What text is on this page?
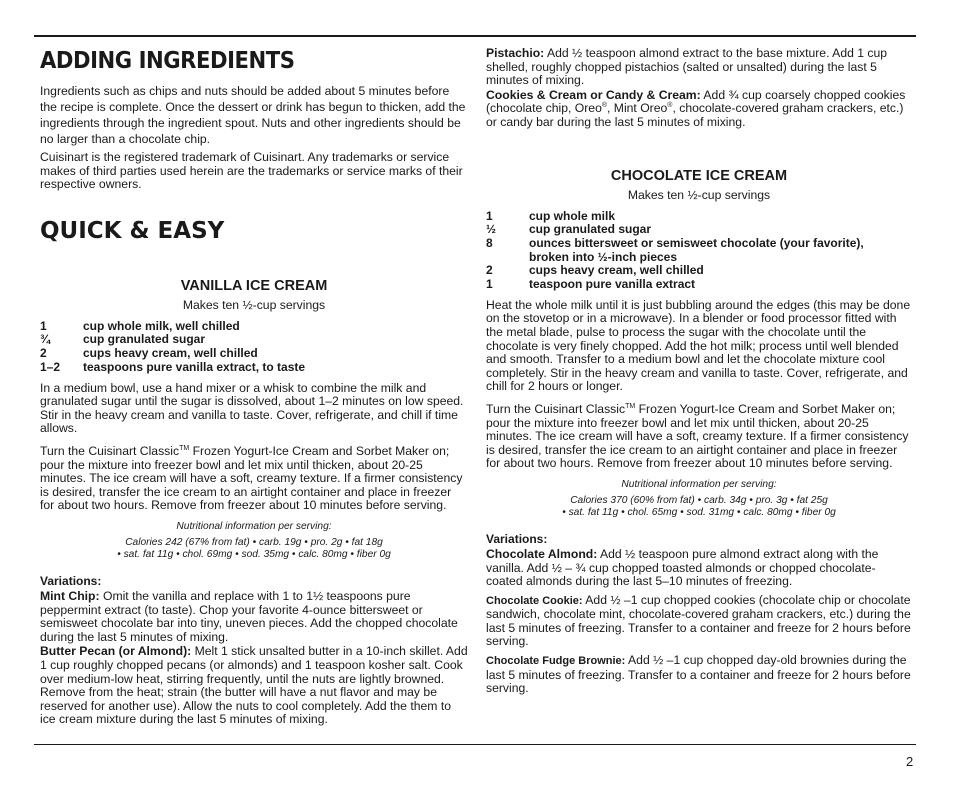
ADDING INGREDIENTS

Ingredients such as chips and nuts should be added about 5 minutes before the recipe is complete. Once the dessert or drink has begun to thicken, add the ingredients through the ingredient spout. Nuts and other ingredients should be no larger than a chocolate chip.

Cuisinart is the registered trademark of Cuisinart. Any trademarks or service makes of third parties used herein are the trademarks or service marks of their respective owners.

QUICK & EASY
VANILLA ICE CREAM
Makes ten ½-cup servings
1	cup whole milk, well chilled
¾	cup granulated sugar
2	cups heavy cream, well chilled
1–2	teaspoons pure vanilla extract, to taste

In a medium bowl, use a hand mixer or a whisk to combine the milk and granulated sugar until the sugar is dissolved, about 1–2 minutes on low speed. Stir in the heavy cream and vanilla to taste. Cover, refrigerate, and chill if time allows.

Turn the Cuisinart Classic™ Frozen Yogurt-Ice Cream and Sorbet Maker on; pour the mixture into freezer bowl and let mix until thicken, about 20-25 minutes. The ice cream will have a soft, creamy texture. If a firmer consistency is desired, transfer the ice cream to an airtight container and place in freezer for about two hours. Remove from freezer about 10 minutes before serving.

Nutritional information per serving:
Calories 242 (67% from fat) • carb. 19g • pro. 2g • fat 18g
• sat. fat 11g • chol. 69mg • sod. 35mg • calc. 80mg • fiber 0g
Variations:

Mint Chip: Omit the vanilla and replace with 1 to 1½ teaspoons pure peppermint extract (to taste). Chop your favorite 4-ounce bittersweet or semisweet chocolate bar into tiny, uneven pieces. Add the chopped chocolate during the last 5 minutes of mixing.

Butter Pecan (or Almond): Melt 1 stick unsalted butter in a 10-inch skillet. Add 1 cup roughly chopped pecans (or almonds) and 1 teaspoon kosher salt. Cook over medium-low heat, stirring frequently, until the nuts are lightly browned. Remove from the heat; strain (the butter will have a nut flavor and may be reserved for another use). Allow the nuts to cool completely. Add the them to ice cream mixture during the last 5 minutes of mixing.

Pistachio: Add ½ teaspoon almond extract to the base mixture. Add 1 cup shelled, roughly chopped pistachios (salted or unsalted) during the last 5 minutes of mixing.

Cookies & Cream or Candy & Cream: Add ¾ cup coarsely chopped cookies (chocolate chip, Oreo®, Mint Oreo®, chocolate-covered graham crackers, etc.) or candy bar during the last 5 minutes of mixing.

CHOCOLATE ICE CREAM
Makes ten ½-cup servings
1	cup whole milk
½	cup granulated sugar
8	ounces bittersweet or semisweet chocolate (your favorite), broken into ½-inch pieces
2	cups heavy cream, well chilled
1	teaspoon pure vanilla extract

Heat the whole milk until it is just bubbling around the edges (this may be done on the stovetop or in a microwave). In a blender or food processor fitted with the metal blade, pulse to process the sugar with the chocolate until the chocolate is very finely chopped. Add the hot milk; process until well blended and smooth. Transfer to a medium bowl and let the chocolate mixture cool completely. Stir in the heavy cream and vanilla to taste. Cover, refrigerate, and chill for 2 hours or longer.

Turn the Cuisinart Classic™ Frozen Yogurt-Ice Cream and Sorbet Maker on; pour the mixture into freezer bowl and let mix until thicken, about 20-25 minutes. The ice cream will have a soft, creamy texture. If a firmer consistency is desired, transfer the ice cream to an airtight container and place in freezer for about two hours. Remove from freezer about 10 minutes before serving.

Nutritional information per serving:
Calories 370 (60% from fat) • carb. 34g • pro. 3g • fat 25g
• sat. fat 11g • chol. 65mg • sod. 31mg • calc. 80mg • fiber 0g
Variations:

Chocolate Almond: Add ½ teaspoon pure almond extract along with the vanilla. Add ½ – ¾ cup chopped toasted almonds or chopped chocolate-coated almonds during the last 5–10 minutes of freezing.

Chocolate Cookie: Add ½ –1 cup chopped cookies (chocolate chip or chocolate sandwich, chocolate mint, chocolate-covered graham crackers, etc.) during the last 5 minutes of freezing. Transfer to a container and freeze for 2 hours before serving.

Chocolate Fudge Brownie: Add ½ –1 cup chopped day-old brownies during the last 5 minutes of freezing. Transfer to a container and freeze for 2 hours before serving.

2
